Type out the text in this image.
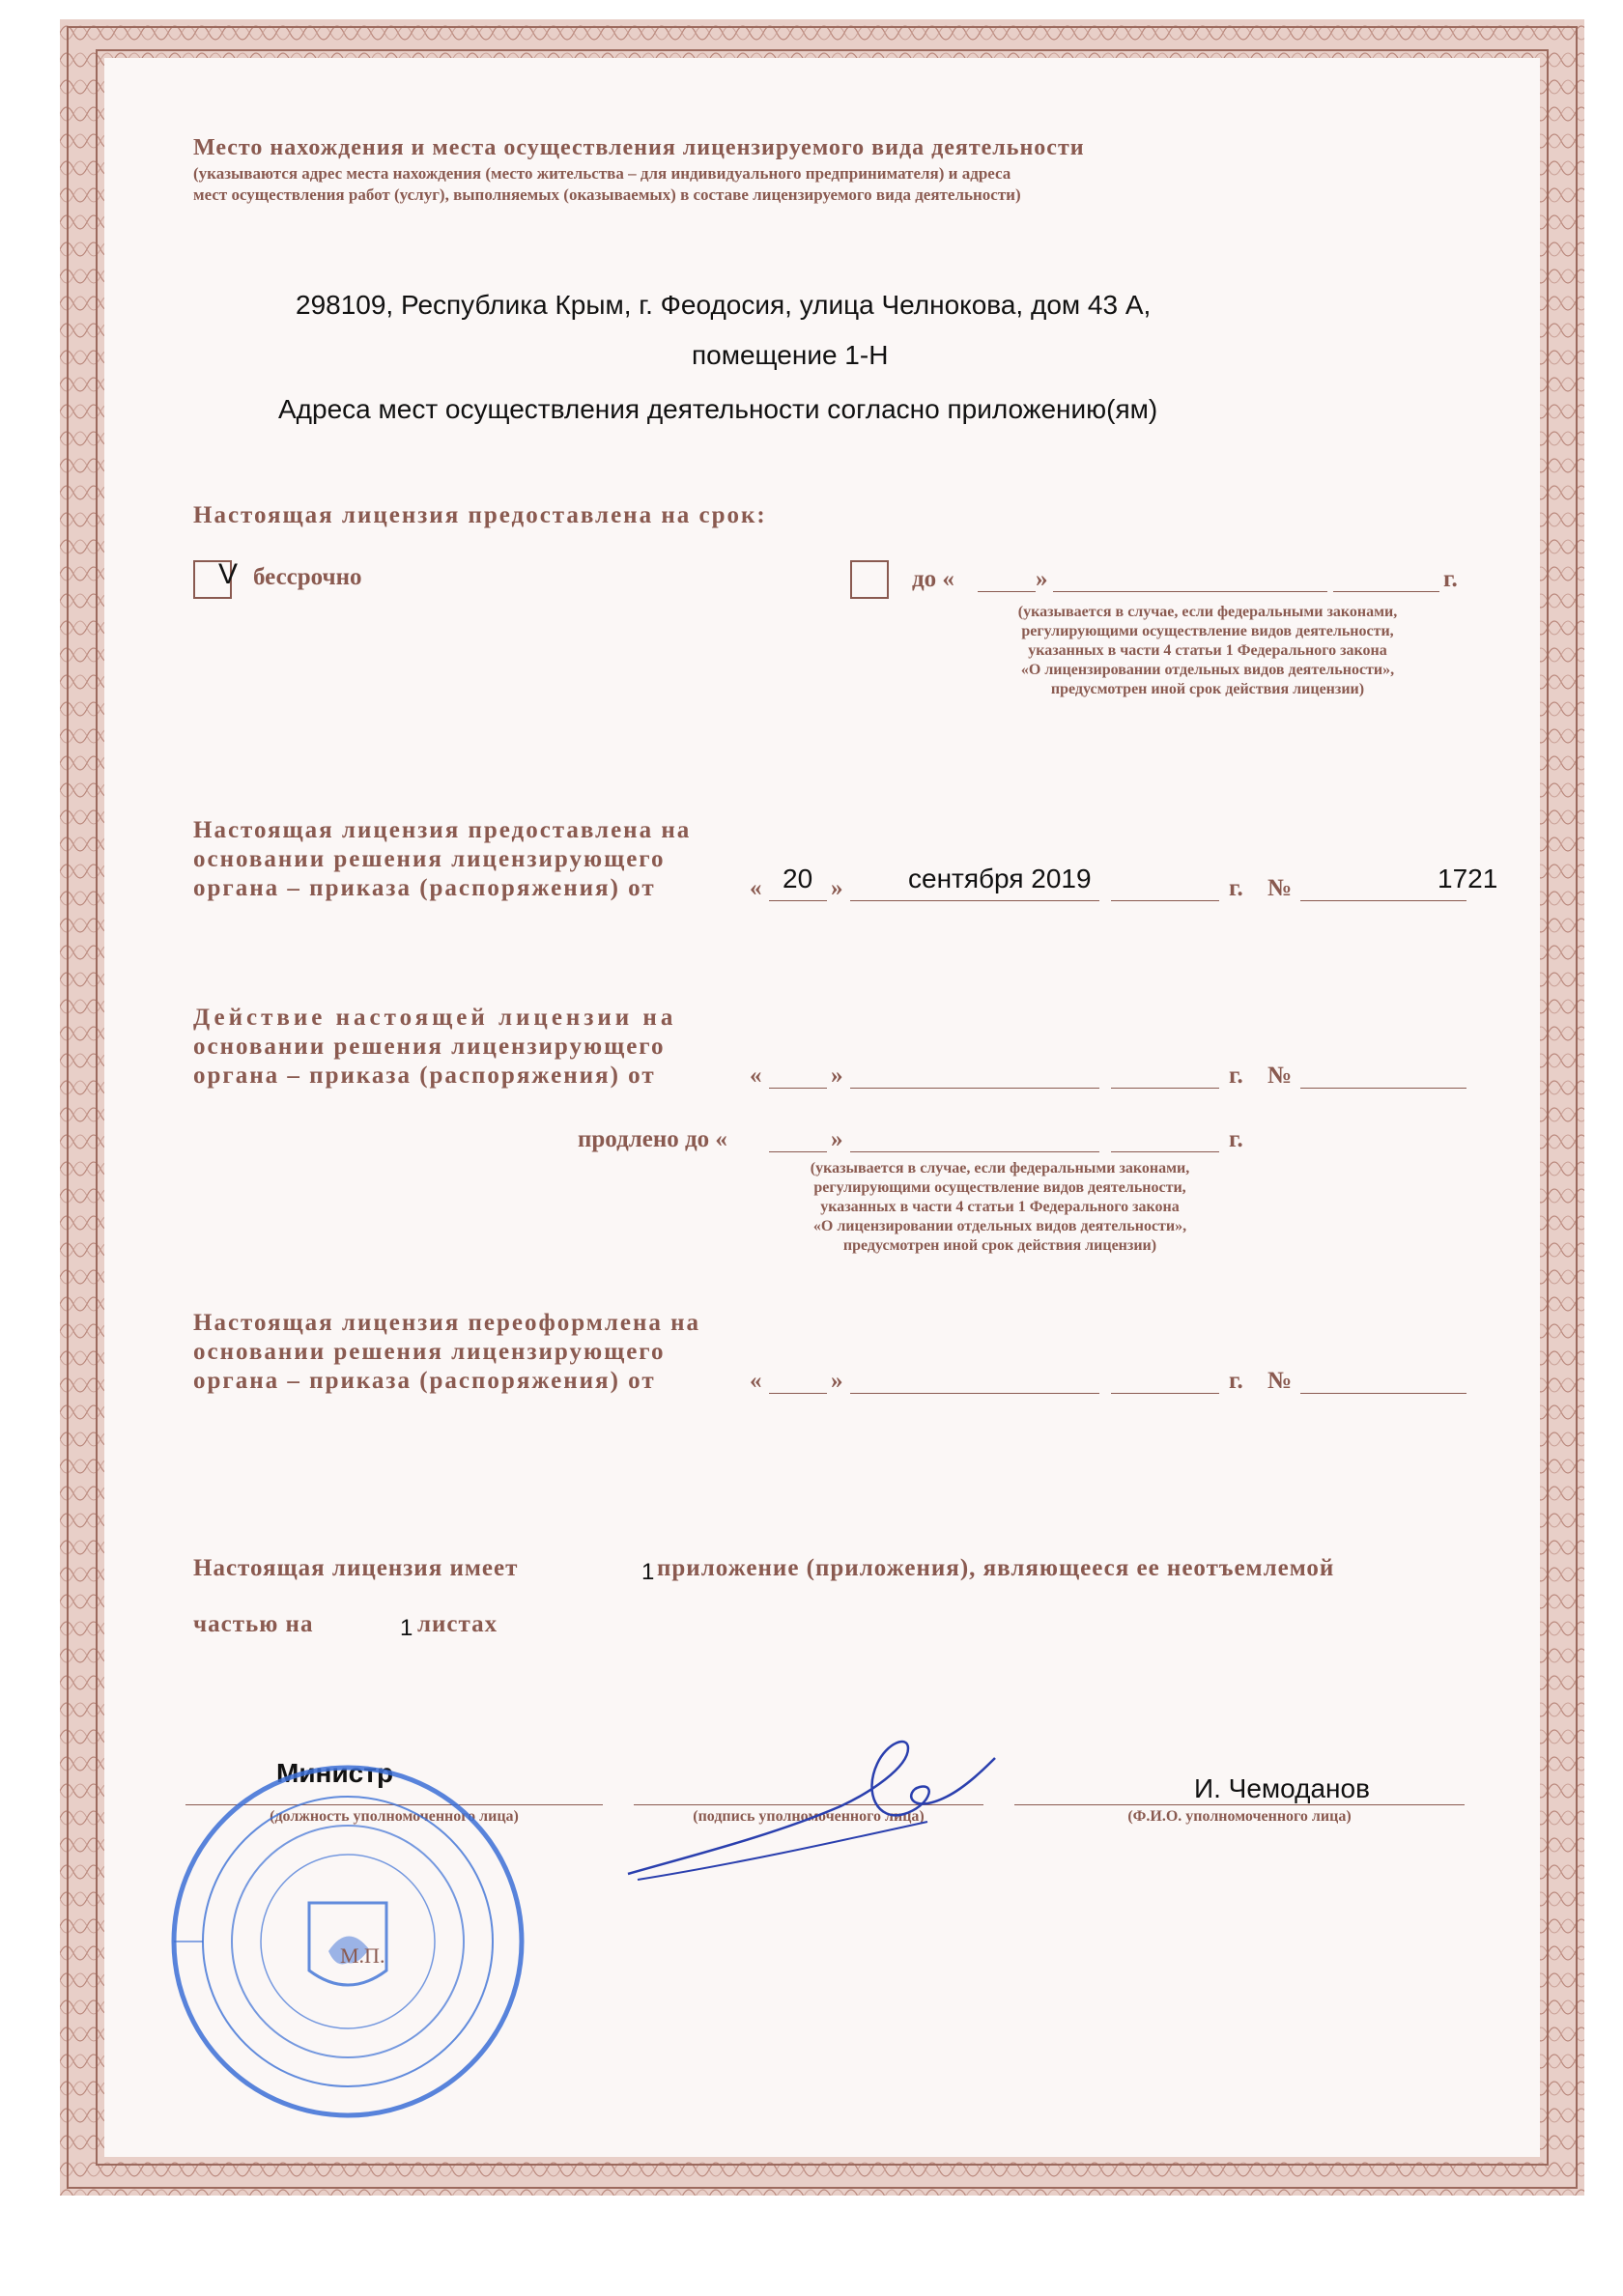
Место нахождения и места осуществления лицензируемого вида деятельности
(указываются адрес места нахождения (место жительства – для индивидуального предпринимателя) и адреса
мест осуществления работ (услуг), выполняемых (оказываемых) в составе лицензируемого вида деятельности)
298109, Республика Крым, г. Феодосия, улица Челнокова, дом 43 А,
помещение 1-Н
Адреса мест осуществления деятельности согласно приложению(ям)
Настоящая лицензия предоставлена на срок:
V бессрочно	до «	»	г.
(указывается в случае, если федеральными законами,
регулирующими осуществление видов деятельности,
указанных в части 4 статьи 1 Федерального закона
«О лицензировании отдельных видов деятельности»,
предусмотрен иной срок действия лицензии)
Настоящая лицензия предоставлена на
основании решения лицензирующего
органа – приказа (распоряжения) от	« 20 » сентября 2019	г. №	1721
Действие настоящей лицензии на
основании решения лицензирующего
органа – приказа (распоряжения) от	«	»	г. №
продлено до «	»	г.
(указывается в случае, если федеральными законами,
регулирующими осуществление видов деятельности,
указанных в части 4 статьи 1 Федерального закона
«О лицензировании отдельных видов деятельности»,
предусмотрен иной срок действия лицензии)
Настоящая лицензия переоформлена на
основании решения лицензирующего
органа – приказа (распоряжения) от	«	»	г. №
Настоящая лицензия имеет	1 приложение (приложения), являющееся ее неотъемлемой
частью на	1 листах
Министр
(должность уполномоченного лица)	(подпись уполномоченного лица)
И. Чемоданов
(Ф.И.О. уполномоченного лица)
М.П.
